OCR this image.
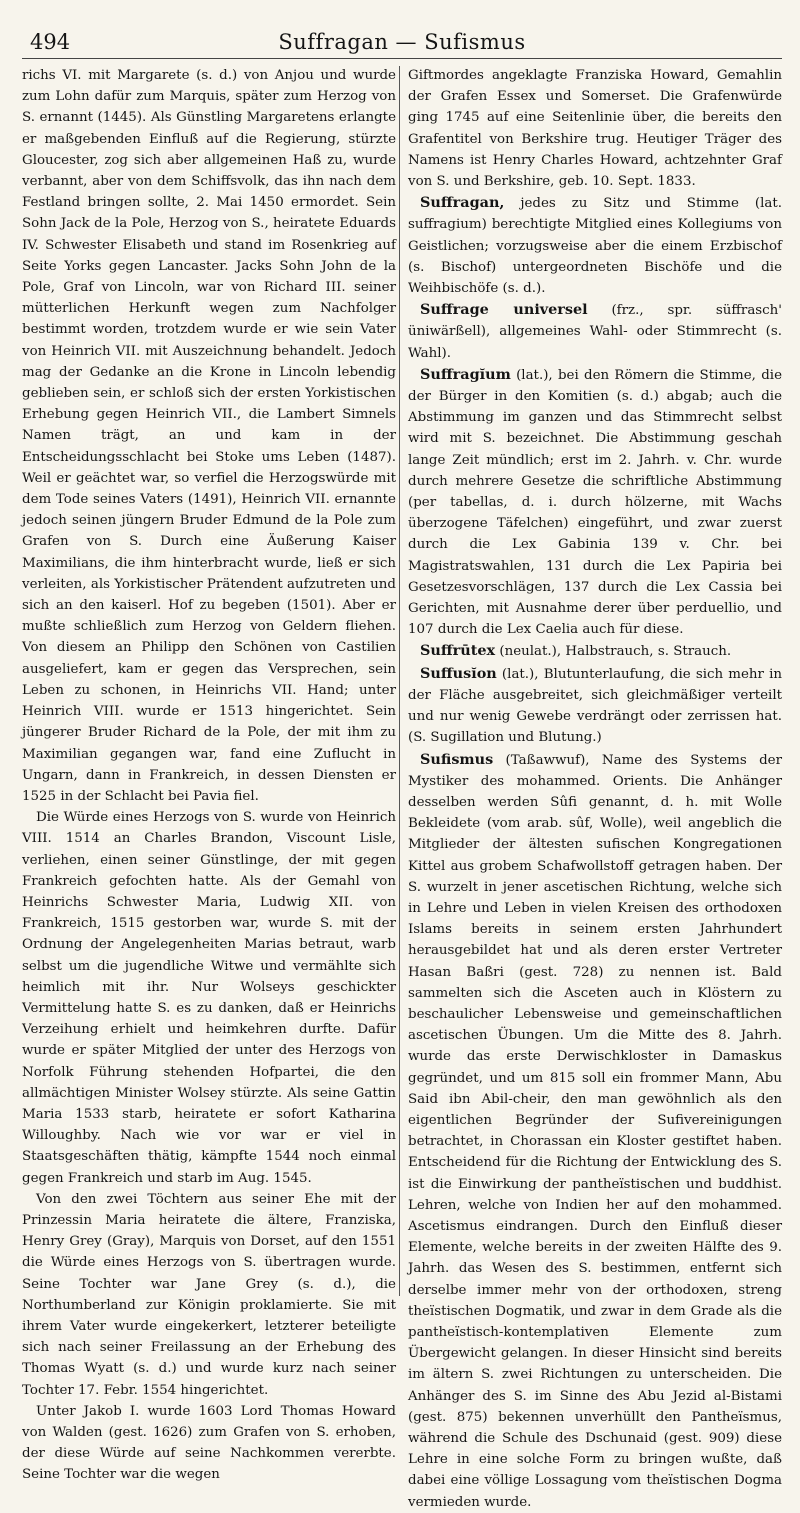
494	Suffragan — Sufismus

richs VI. mit Margarete (s. d.) von Anjou und wurde zum Lohn dafür zum Marquis, später zum Herzog von S. ernannt (1445). Als Günstling Margaretens erlangte er maßgebenden Einfluß auf die Regierung, stürzte Gloucester, zog sich aber allgemeinen Haß zu, wurde verbannt, aber von dem Schiffsvolk, das ihn nach dem Festland bringen sollte, 2. Mai 1450 ermordet. Sein Sohn Jack de la Pole, Herzog von S., heiratete Eduards IV. Schwester Elisabeth und stand im Rosenkrieg auf Seite Yorks gegen Lancaster. Jacks Sohn John de la Pole, Graf von Lincoln, war von Richard III. seiner mütterlichen Herkunft wegen zum Nachfolger bestimmt worden, trotzdem wurde er wie sein Vater von Heinrich VII. mit Auszeichnung behandelt. Jedoch mag der Gedanke an die Krone in Lincoln lebendig geblieben sein, er schloß sich der ersten Yorkistischen Erhebung gegen Heinrich VII., die Lambert Simnels Namen trägt, an und kam in der Entscheidungsschlacht bei Stoke ums Leben (1487). Weil er geächtet war, so verfiel die Herzogswürde mit dem Tode seines Vaters (1491), Heinrich VII. ernannte jedoch seinen jüngern Bruder Edmund de la Pole zum Grafen von S. Durch eine Äußerung Kaiser Maximilians, die ihm hinterbracht wurde, ließ er sich verleiten, als Yorkistischer Prätendent aufzutreten und sich an den kaiserl. Hof zu begeben (1501). Aber er mußte schließlich zum Herzog von Geldern fliehen. Von diesem an Philipp den Schönen von Castilien ausgeliefert, kam er gegen das Versprechen, sein Leben zu schonen, in Heinrichs VII. Hand; unter Heinrich VIII. wurde er 1513 hingerichtet. Sein jüngerer Bruder Richard de la Pole, der mit ihm zu Maximilian gegangen war, fand eine Zuflucht in Ungarn, dann in Frankreich, in dessen Diensten er 1525 in der Schlacht bei Pavia fiel.

Die Würde eines Herzogs von S. wurde von Heinrich VIII. 1514 an Charles Brandon, Viscount Lisle, verliehen, einen seiner Günstlinge, der mit gegen Frankreich gefochten hatte. Als der Gemahl von Heinrichs Schwester Maria, Ludwig XII. von Frankreich, 1515 gestorben war, wurde S. mit der Ordnung der Angelegenheiten Marias betraut, warb selbst um die jugendliche Witwe und vermählte sich heimlich mit ihr. Nur Wolseys geschickter Vermittelung hatte S. es zu danken, daß er Heinrichs Verzeihung erhielt und heimkehren durfte. Dafür wurde er später Mitglied der unter des Herzogs von Norfolk Führung stehenden Hofpartei, die den allmächtigen Minister Wolsey stürzte. Als seine Gattin Maria 1533 starb, heiratete er sofort Katharina Willoughby. Nach wie vor war er viel in Staatsgeschäften thätig, kämpfte 1544 noch einmal gegen Frankreich und starb im Aug. 1545.

Von den zwei Töchtern aus seiner Ehe mit der Prinzessin Maria heiratete die ältere, Franziska, Henry Grey (Gray), Marquis von Dorset, auf den 1551 die Würde eines Herzogs von S. übertragen wurde. Seine Tochter war Jane Grey (s. d.), die Northumberland zur Königin proklamierte. Sie mit ihrem Vater wurde eingekerkert, letzterer beteiligte sich nach seiner Freilassung an der Erhebung des Thomas Wyatt (s. d.) und wurde kurz nach seiner Tochter 17. Febr. 1554 hingerichtet.

Unter Jakob I. wurde 1603 Lord Thomas Howard von Walden (gest. 1626) zum Grafen von S. erhoben, der diese Würde auf seine Nachkommen vererbte. Seine Tochter war die wegen

Giftmordes angeklagte Franziska Howard, Gemahlin der Grafen Essex und Somerset. Die Grafenwürde ging 1745 auf eine Seitenlinie über, die bereits den Grafentitel von Berkshire trug. Heutiger Träger des Namens ist Henry Charles Howard, achtzehnter Graf von S. und Berkshire, geb. 10. Sept. 1833.

Suffragan, jedes zu Sitz und Stimme (lat. suffragium) berechtigte Mitglied eines Kollegiums von Geistlichen; vorzugsweise aber die einem Erzbischof (s. Bischof) untergeordneten Bischöfe und die Weihbischöfe (s. d.).

Suffrage universel (frz., spr. süffrasch' üniwärßell), allgemeines Wahl- oder Stimmrecht (s. Wahl).

Suffragĭum (lat.), bei den Römern die Stimme, die der Bürger in den Komitien (s. d.) abgab; auch die Abstimmung im ganzen und das Stimmrecht selbst wird mit S. bezeichnet. Die Abstimmung geschah lange Zeit mündlich; erst im 2. Jahrh. v. Chr. wurde durch mehrere Gesetze die schriftliche Abstimmung (per tabellas, d. i. durch hölzerne, mit Wachs überzogene Täfelchen) eingeführt, und zwar zuerst durch die Lex Gabinia 139 v. Chr. bei Magistratswahlen, 131 durch die Lex Papiria bei Gesetzesvorschlägen, 137 durch die Lex Cassia bei Gerichten, mit Ausnahme derer über perduellio, und 107 durch die Lex Caelia auch für diese.

Suffrūtex (neulat.), Halbstrauch, s. Strauch.

Suffusĭon (lat.), Blutunterlaufung, die sich mehr in der Fläche ausgebreitet, sich gleichmäßiger verteilt und nur wenig Gewebe verdrängt oder zerrissen hat. (S. Sugillation und Blutung.)

Sufismus (Taßawwuf), Name des Systems der Mystiker des mohammed. Orients. Die Anhänger desselben werden Sûfi genannt, d. h. mit Wolle Bekleidete (vom arab. sûf, Wolle), weil angeblich die Mitglieder der ältesten sufischen Kongregationen Kittel aus grobem Schafwollstoff getragen haben. Der S. wurzelt in jener ascetischen Richtung, welche sich in Lehre und Leben in vielen Kreisen des orthodoxen Islams bereits in seinem ersten Jahrhundert herausgebildet hat und als deren erster Vertreter Hasan Baßri (gest. 728) zu nennen ist. Bald sammelten sich die Asceten auch in Klöstern zu beschaulicher Lebensweise und gemeinschaftlichen ascetischen Übungen. Um die Mitte des 8. Jahrh. wurde das erste Derwischkloster in Damaskus gegründet, und um 815 soll ein frommer Mann, Abu Said ibn Abil-cheir, den man gewöhnlich als den eigentlichen Begründer der Sufivereinigungen betrachtet, in Chorassan ein Kloster gestiftet haben. Entscheidend für die Richtung der Entwicklung des S. ist die Einwirkung der pantheïstischen und buddhist. Lehren, welche von Indien her auf den mohammed. Ascetismus eindrangen. Durch den Einfluß dieser Elemente, welche bereits in der zweiten Hälfte des 9. Jahrh. das Wesen des S. bestimmen, entfernt sich derselbe immer mehr von der orthodoxen, streng theïstischen Dogmatik, und zwar in dem Grade als die pantheïstisch-kontemplativen Elemente zum Übergewicht gelangen. In dieser Hinsicht sind bereits im ältern S. zwei Richtungen zu unterscheiden. Die Anhänger des S. im Sinne des Abu Jezid al-Bistami (gest. 875) bekennen unverhüllt den Pantheïsmus, während die Schule des Dschunaid (gest. 909) diese Lehre in eine solche Form zu bringen wußte, daß dabei eine völlige Lossagung vom theïstischen Dogma vermieden wurde.
